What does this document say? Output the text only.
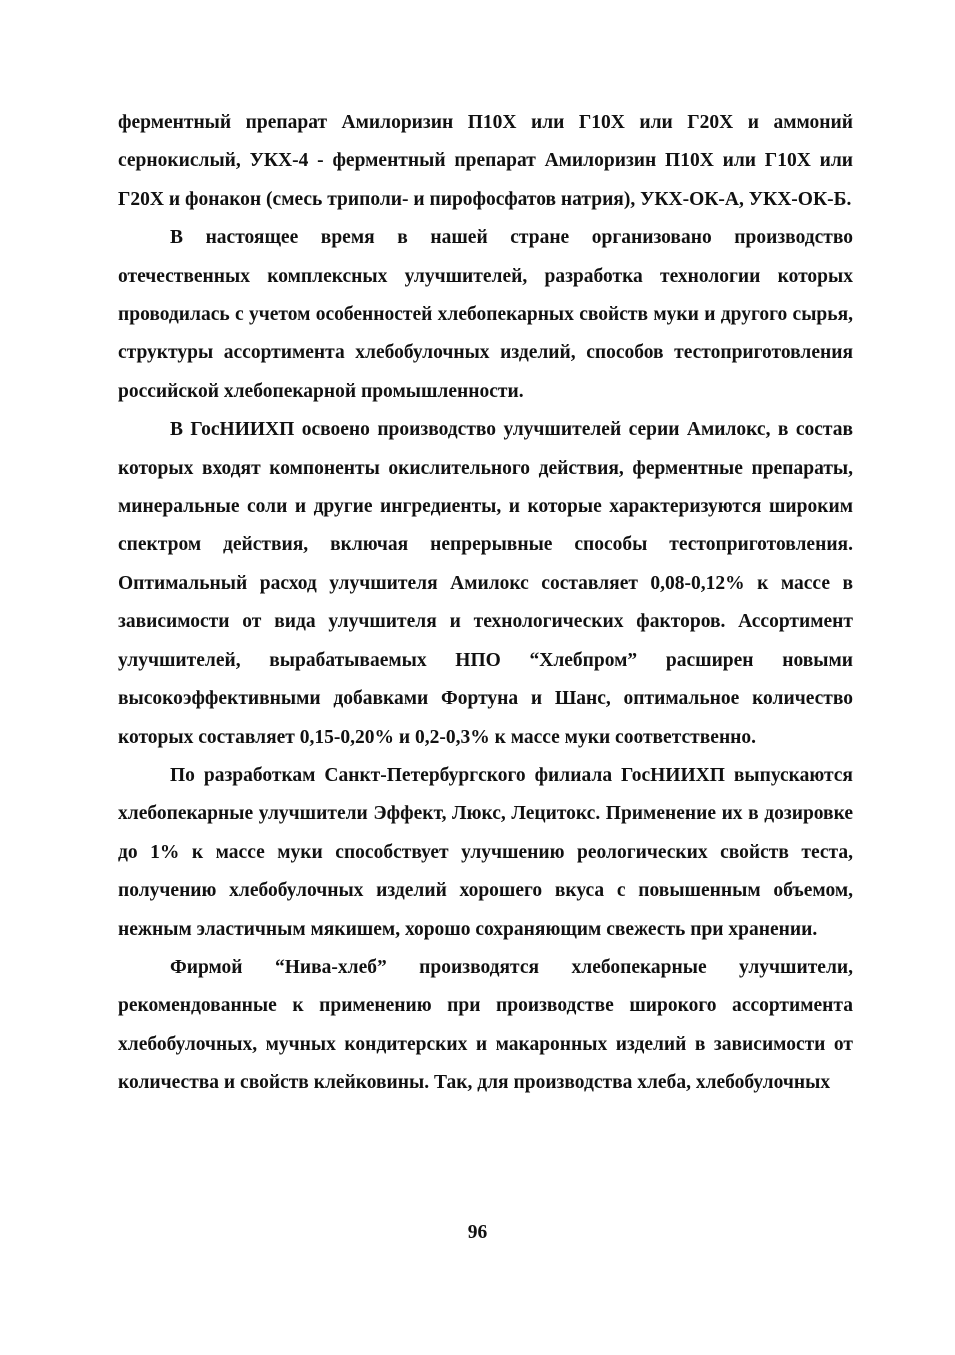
ферментный препарат Амилоризин П10Х или Г10Х или Г20Х и аммоний сернокислый, УКХ-4 - ферментный препарат Амилоризин П10Х или Г10Х или Г20Х и фонакон (смесь триполи- и пирофосфатов натрия), УКХ-ОК-А, УКХ-ОК-Б.

В настоящее время в нашей стране организовано производство отечественных комплексных улучшителей, разработка технологии которых проводилась с учетом особенностей хлебопекарных свойств муки и другого сырья, структуры ассортимента хлебобулочных изделий, способов тестоприготовления российской хлебопекарной промышленности.

В ГосНИИХП освоено производство улучшителей серии Амилокс, в состав которых входят компоненты окислительного действия, ферментные препараты, минеральные соли и другие ингредиенты, и которые характеризуются широким спектром действия, включая непрерывные способы тестоприготовления. Оптимальный расход улучшителя Амилокс составляет 0,08-0,12% к массе в зависимости от вида улучшителя и технологических факторов. Ассортимент улучшителей, вырабатываемых НПО “Хлебпром” расширен новыми высокоэффективными добавками Фортуна и Шанс, оптимальное количество которых составляет 0,15-0,20% и 0,2-0,3% к массе муки соответственно.

По разработкам Санкт-Петербургского филиала ГосНИИХП выпускаются хлебопекарные улучшители Эффект, Люкс, Лецитокс. Применение их в дозировке до 1% к массе муки способствует улучшению реологических свойств теста, получению хлебобулочных изделий хорошего вкуса с повышенным объемом, нежным эластичным мякишем, хорошо сохраняющим свежесть при хранении.

Фирмой “Нива-хлеб” производятся хлебопекарные улучшители, рекомендованные к применению при производстве широкого ассортимента хлебобулочных, мучных кондитерских и макаронных изделий в зависимости от количества и свойств клейковины. Так, для производства хлеба, хлебобулочных

96
